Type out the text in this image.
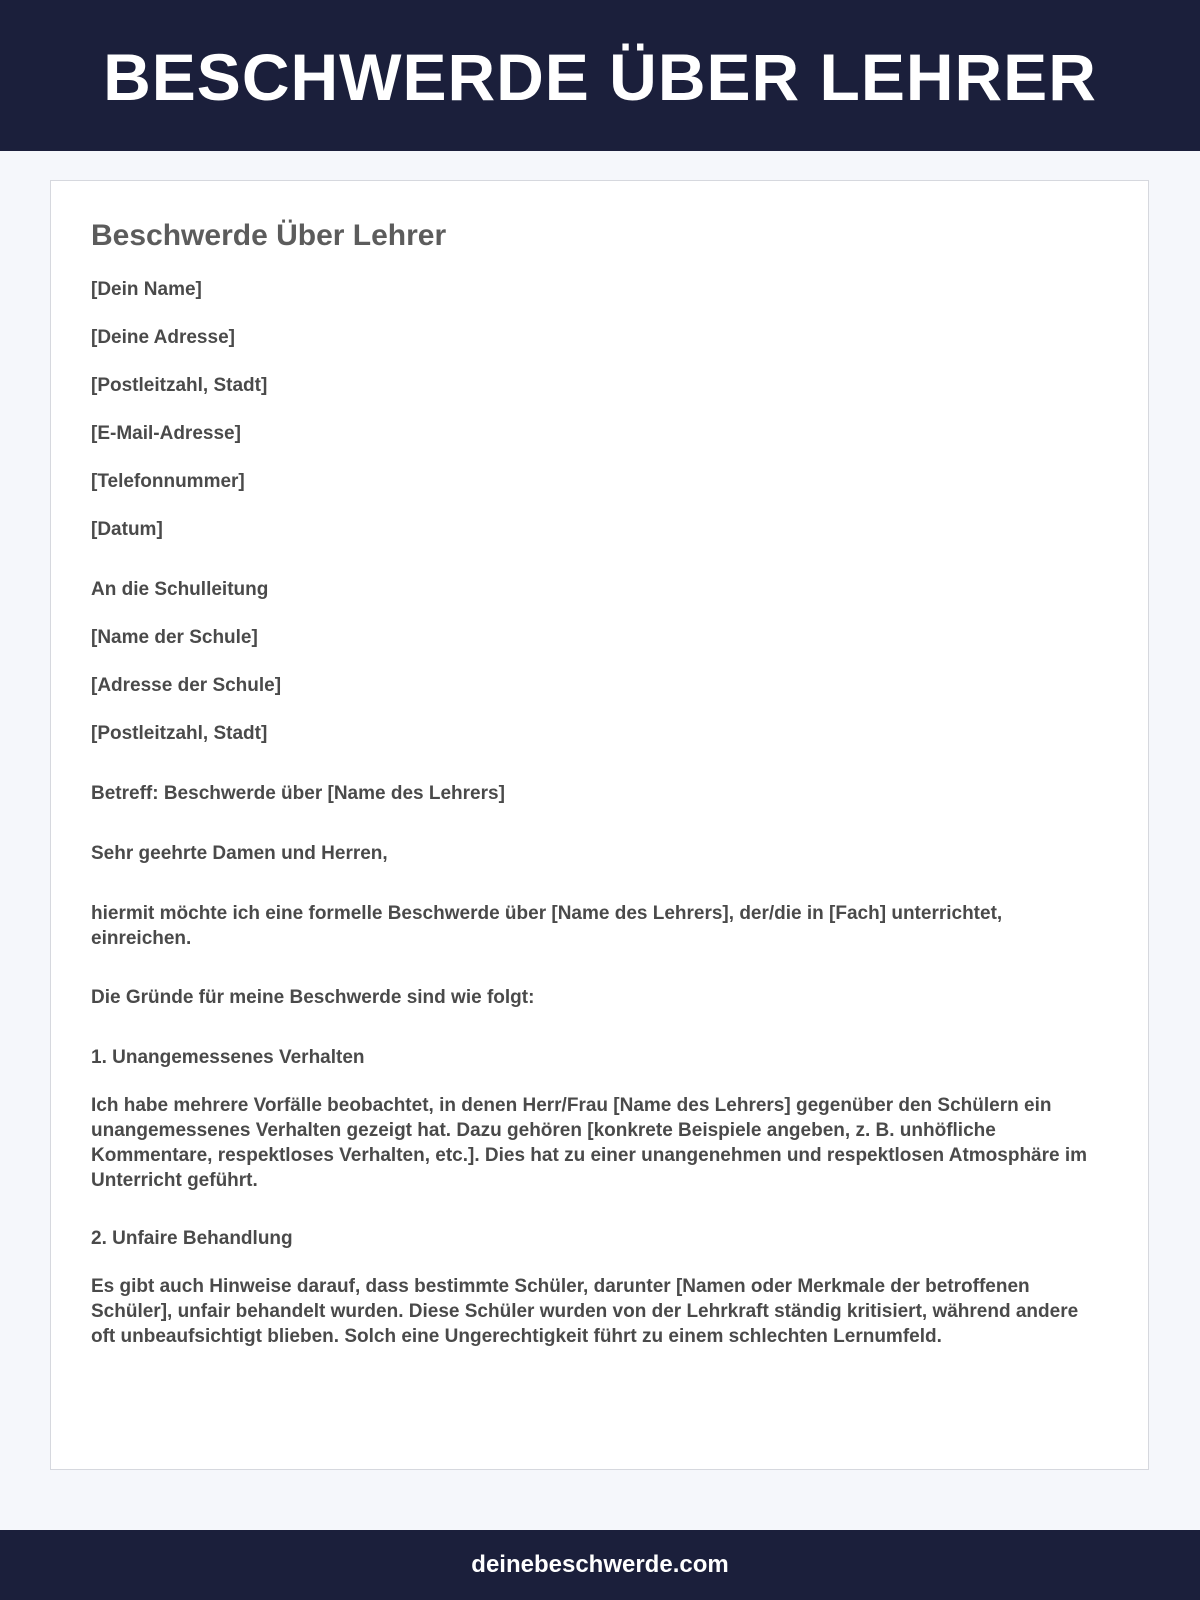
BESCHWERDE ÜBER LEHRER
Beschwerde Über Lehrer

[Dein Name]

[Deine Adresse]

[Postleitzahl, Stadt]

[E-Mail-Adresse]

[Telefonnummer]

[Datum]

An die Schulleitung

[Name der Schule]

[Adresse der Schule]

[Postleitzahl, Stadt]

Betreff: Beschwerde über [Name des Lehrers]

Sehr geehrte Damen und Herren,

hiermit möchte ich eine formelle Beschwerde über [Name des Lehrers], der/die in [Fach] unterrichtet, einreichen.

Die Gründe für meine Beschwerde sind wie folgt:

1. Unangemessenes Verhalten

Ich habe mehrere Vorfälle beobachtet, in denen Herr/Frau [Name des Lehrers] gegenüber den Schülern ein unangemessenes Verhalten gezeigt hat. Dazu gehören [konkrete Beispiele angeben, z. B. unhöfliche Kommentare, respektloses Verhalten, etc.]. Dies hat zu einer unangenehmen und respektlosen Atmosphäre im Unterricht geführt.

2. Unfaire Behandlung

Es gibt auch Hinweise darauf, dass bestimmte Schüler, darunter [Namen oder Merkmale der betroffenen Schüler], unfair behandelt wurden. Diese Schüler wurden von der Lehrkraft ständig kritisiert, während andere oft unbeaufsichtigt blieben. Solch eine Ungerechtigkeit führt zu einem schlechten Lernumfeld.

deinebeschwerde.com
